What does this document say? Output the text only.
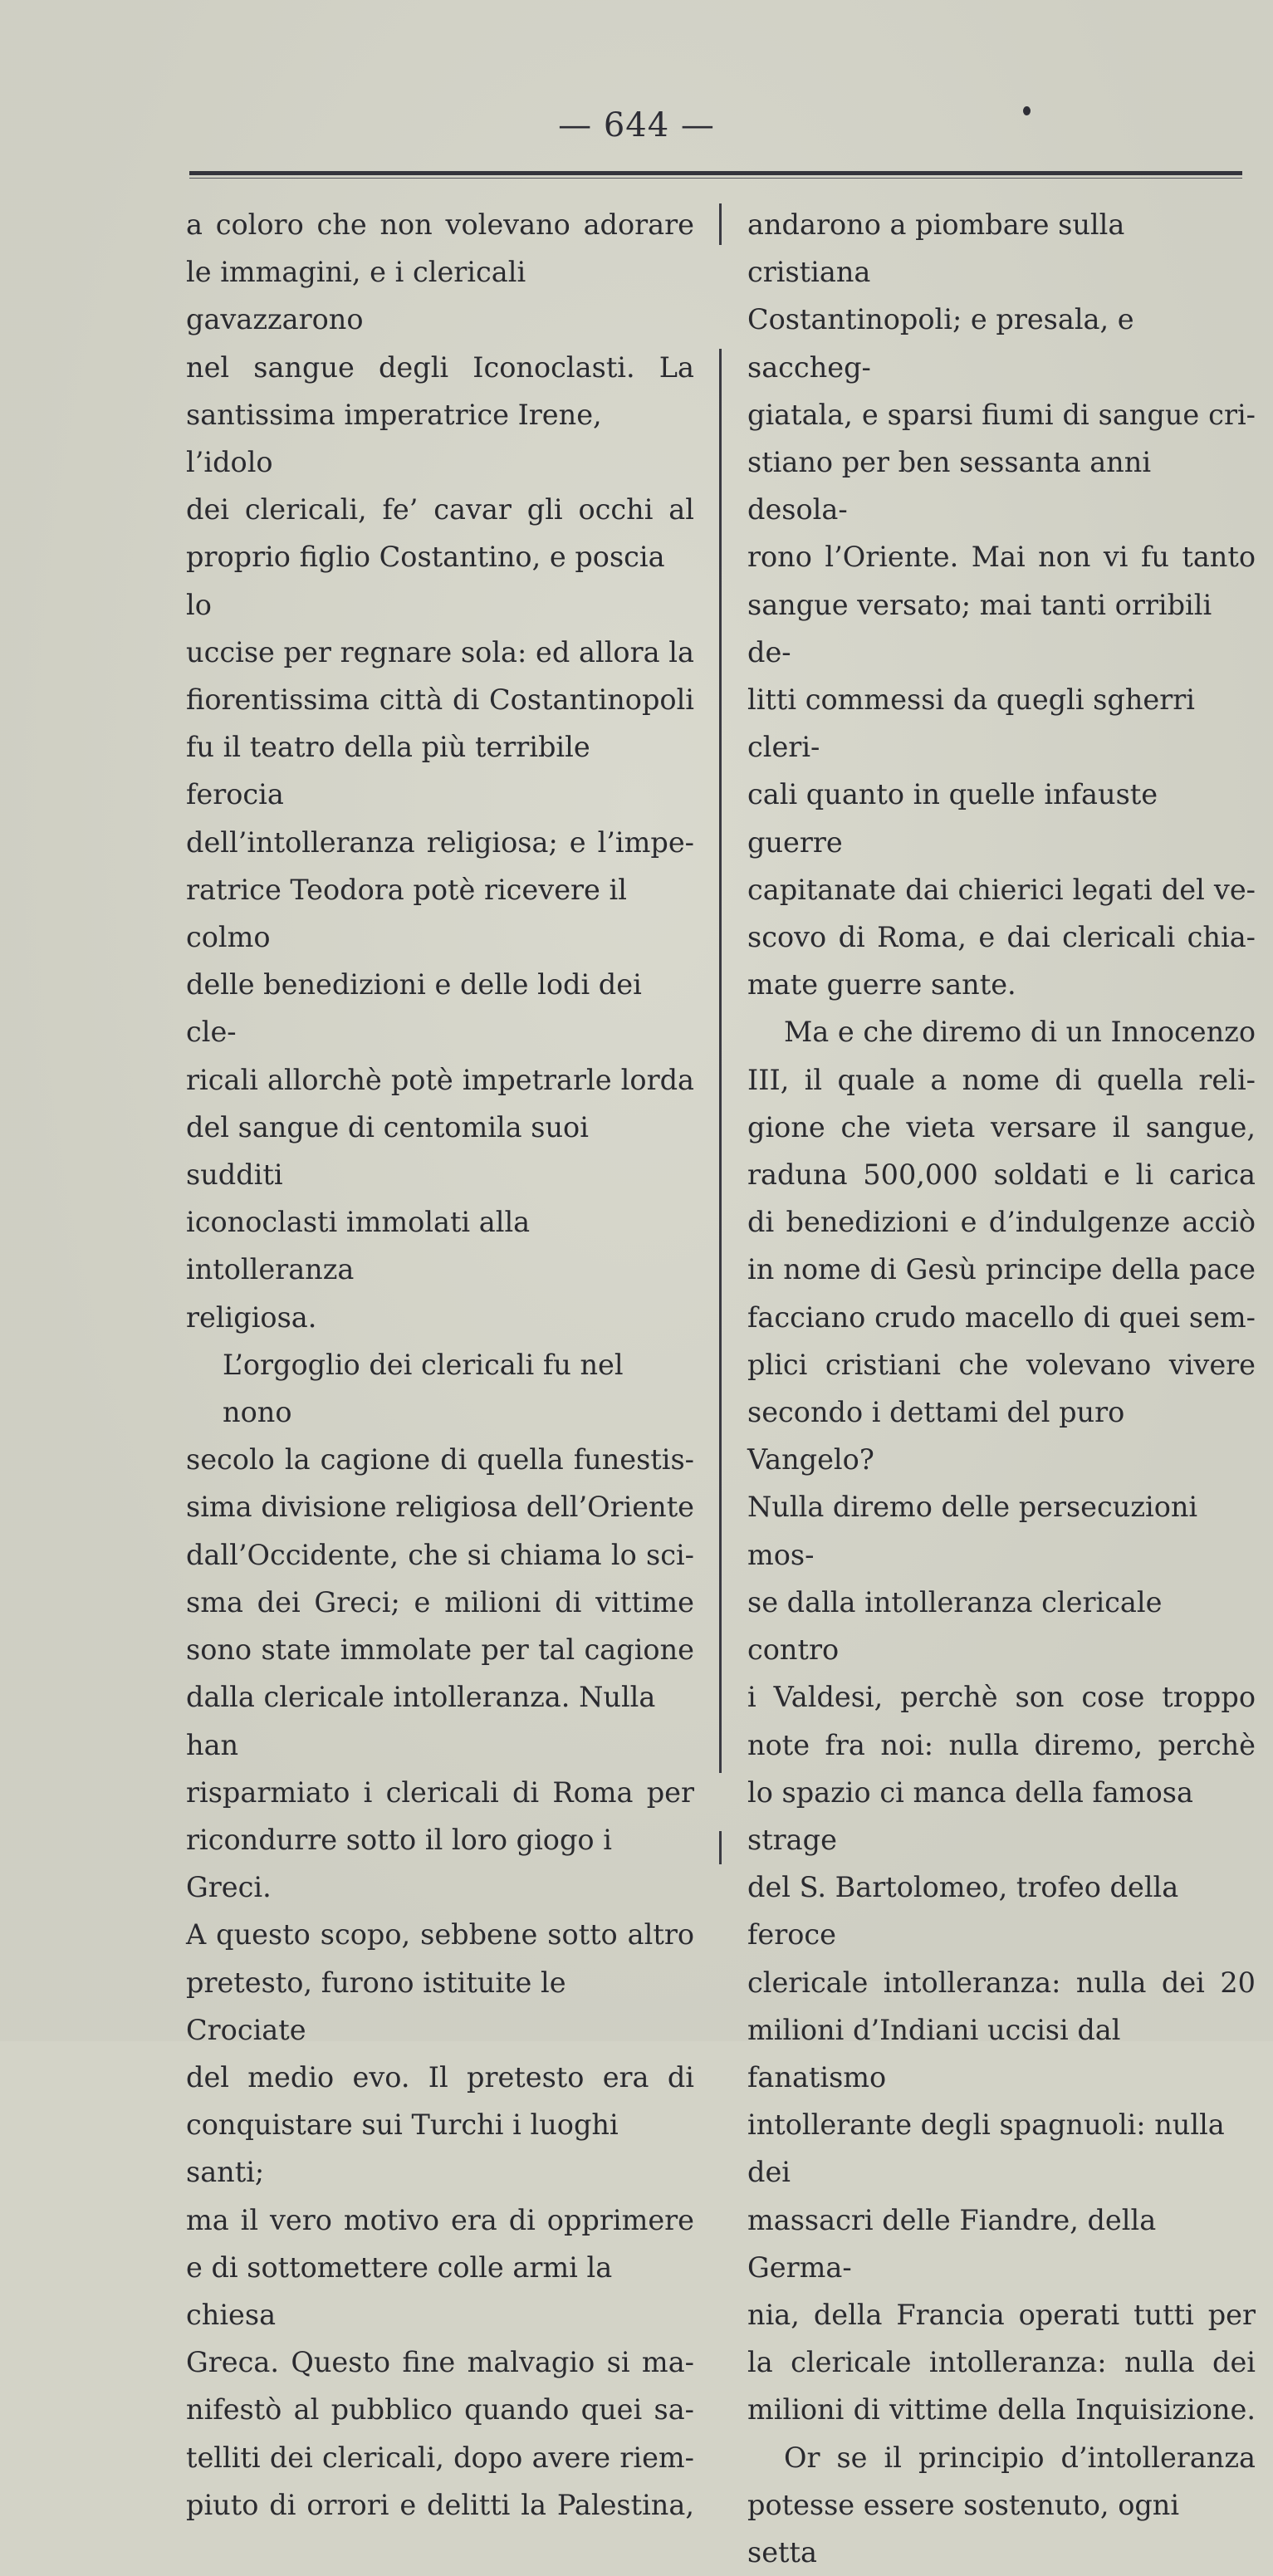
— 644 —
a coloro che non volevano adorare
le immagini, e i clericali gavazzarono
nel sangue degli Iconoclasti. La
santissima imperatrice Irene, l’idolo
dei clericali, fe’ cavar gli occhi al
proprio figlio Costantino, e poscia lo
uccise per regnare sola: ed allora la
fiorentissima città di Costantinopoli
fu il teatro della più terribile ferocia
dell’intolleranza religiosa; e l’impe-
ratrice Teodora potè ricevere il colmo
delle benedizioni e delle lodi dei cle-
ricali allorchè potè impetrarle lorda
del sangue di centomila suoi sudditi
iconoclasti immolati alla intolleranza
religiosa.
L’orgoglio dei clericali fu nel nono
secolo la cagione di quella funestis-
sima divisione religiosa dell’Oriente
dall’Occidente, che si chiama lo sci-
sma dei Greci; e milioni di vittime
sono state immolate per tal cagione
dalla clericale intolleranza. Nulla han
risparmiato i clericali di Roma per
ricondurre sotto il loro giogo i Greci.
A questo scopo, sebbene sotto altro
pretesto, furono istituite le Crociate
del medio evo. Il pretesto era di
conquistare sui Turchi i luoghi santi;
ma il vero motivo era di opprimere
e di sottomettere colle armi la chiesa
Greca. Questo fine malvagio si ma-
nifestò al pubblico quando quei sa-
telliti dei clericali, dopo avere riem-
piuto di orrori e delitti la Palestina,
andarono a piombare sulla cristiana
Costantinopoli; e presala, e saccheg-
giatala, e sparsi fiumi di sangue cri-
stiano per ben sessanta anni desola-
rono l’Oriente. Mai non vi fu tanto
sangue versato; mai tanti orribili de-
litti commessi da quegli sgherri cleri-
cali quanto in quelle infauste guerre
capitanate dai chierici legati del ve-
scovo di Roma, e dai clericali chia-
mate guerre sante.
Ma e che diremo di un Innocenzo
III, il quale a nome di quella reli-
gione che vieta versare il sangue,
raduna 500,000 soldati e li carica
di benedizioni e d’indulgenze acciò
in nome di Gesù principe della pace
facciano crudo macello di quei sem-
plici cristiani che volevano vivere
secondo i dettami del puro Vangelo?
Nulla diremo delle persecuzioni mos-
se dalla intolleranza clericale contro
i Valdesi, perchè son cose troppo
note fra noi: nulla diremo, perchè
lo spazio ci manca della famosa strage
del S. Bartolomeo, trofeo della feroce
clericale intolleranza: nulla dei 20
milioni d’Indiani uccisi dal fanatismo
intollerante degli spagnuoli: nulla dei
massacri delle Fiandre, della Germa-
nia, della Francia operati tutti per
la clericale intolleranza: nulla dei
milioni di vittime della Inquisizione.
Or se il principio d’intolleranza
potesse essere sostenuto, ogni setta
